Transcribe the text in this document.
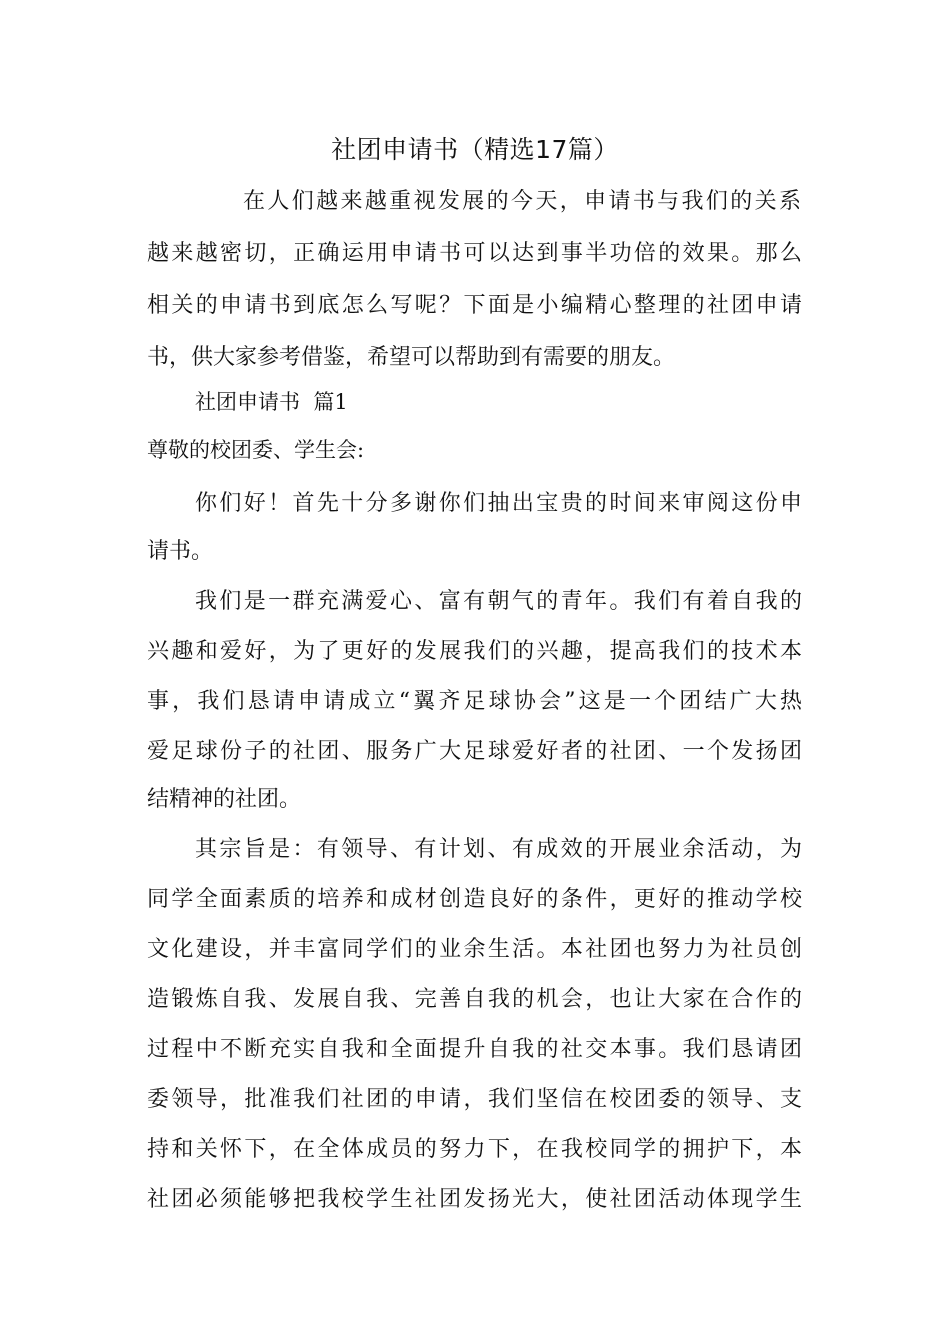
社团申请书（精选17篇）
在人们越来越重视发展的今天，申请书与我们的关系
越来越密切，正确运用申请书可以达到事半功倍的效果。那么
相关的申请书到底怎么写呢？下面是小编精心整理的社团申请
书，供大家参考借鉴，希望可以帮助到有需要的朋友。
社团申请书  篇1
尊敬的校团委、学生会:
你们好！首先十分多谢你们抽出宝贵的时间来审阅这份申
请书。
我们是一群充满爱心、富有朝气的青年。我们有着自我的
兴趣和爱好，为了更好的发展我们的兴趣，提高我们的技术本
事，我们恳请申请成立“翼齐足球协会”这是一个团结广大热
爱足球份子的社团、服务广大足球爱好者的社团、一个发扬团
结精神的社团。
其宗旨是：有领导、有计划、有成效的开展业余活动，为
同学全面素质的培养和成材创造良好的条件，更好的推动学校
文化建设，并丰富同学们的业余生活。本社团也努力为社员创
造锻炼自我、发展自我、完善自我的机会，也让大家在合作的
过程中不断充实自我和全面提升自我的社交本事。我们恳请团
委领导，批准我们社团的申请，我们坚信在校团委的领导、支
持和关怀下，在全体成员的努力下，在我校同学的拥护下，本
社团必须能够把我校学生社团发扬光大，使社团活动体现学生
